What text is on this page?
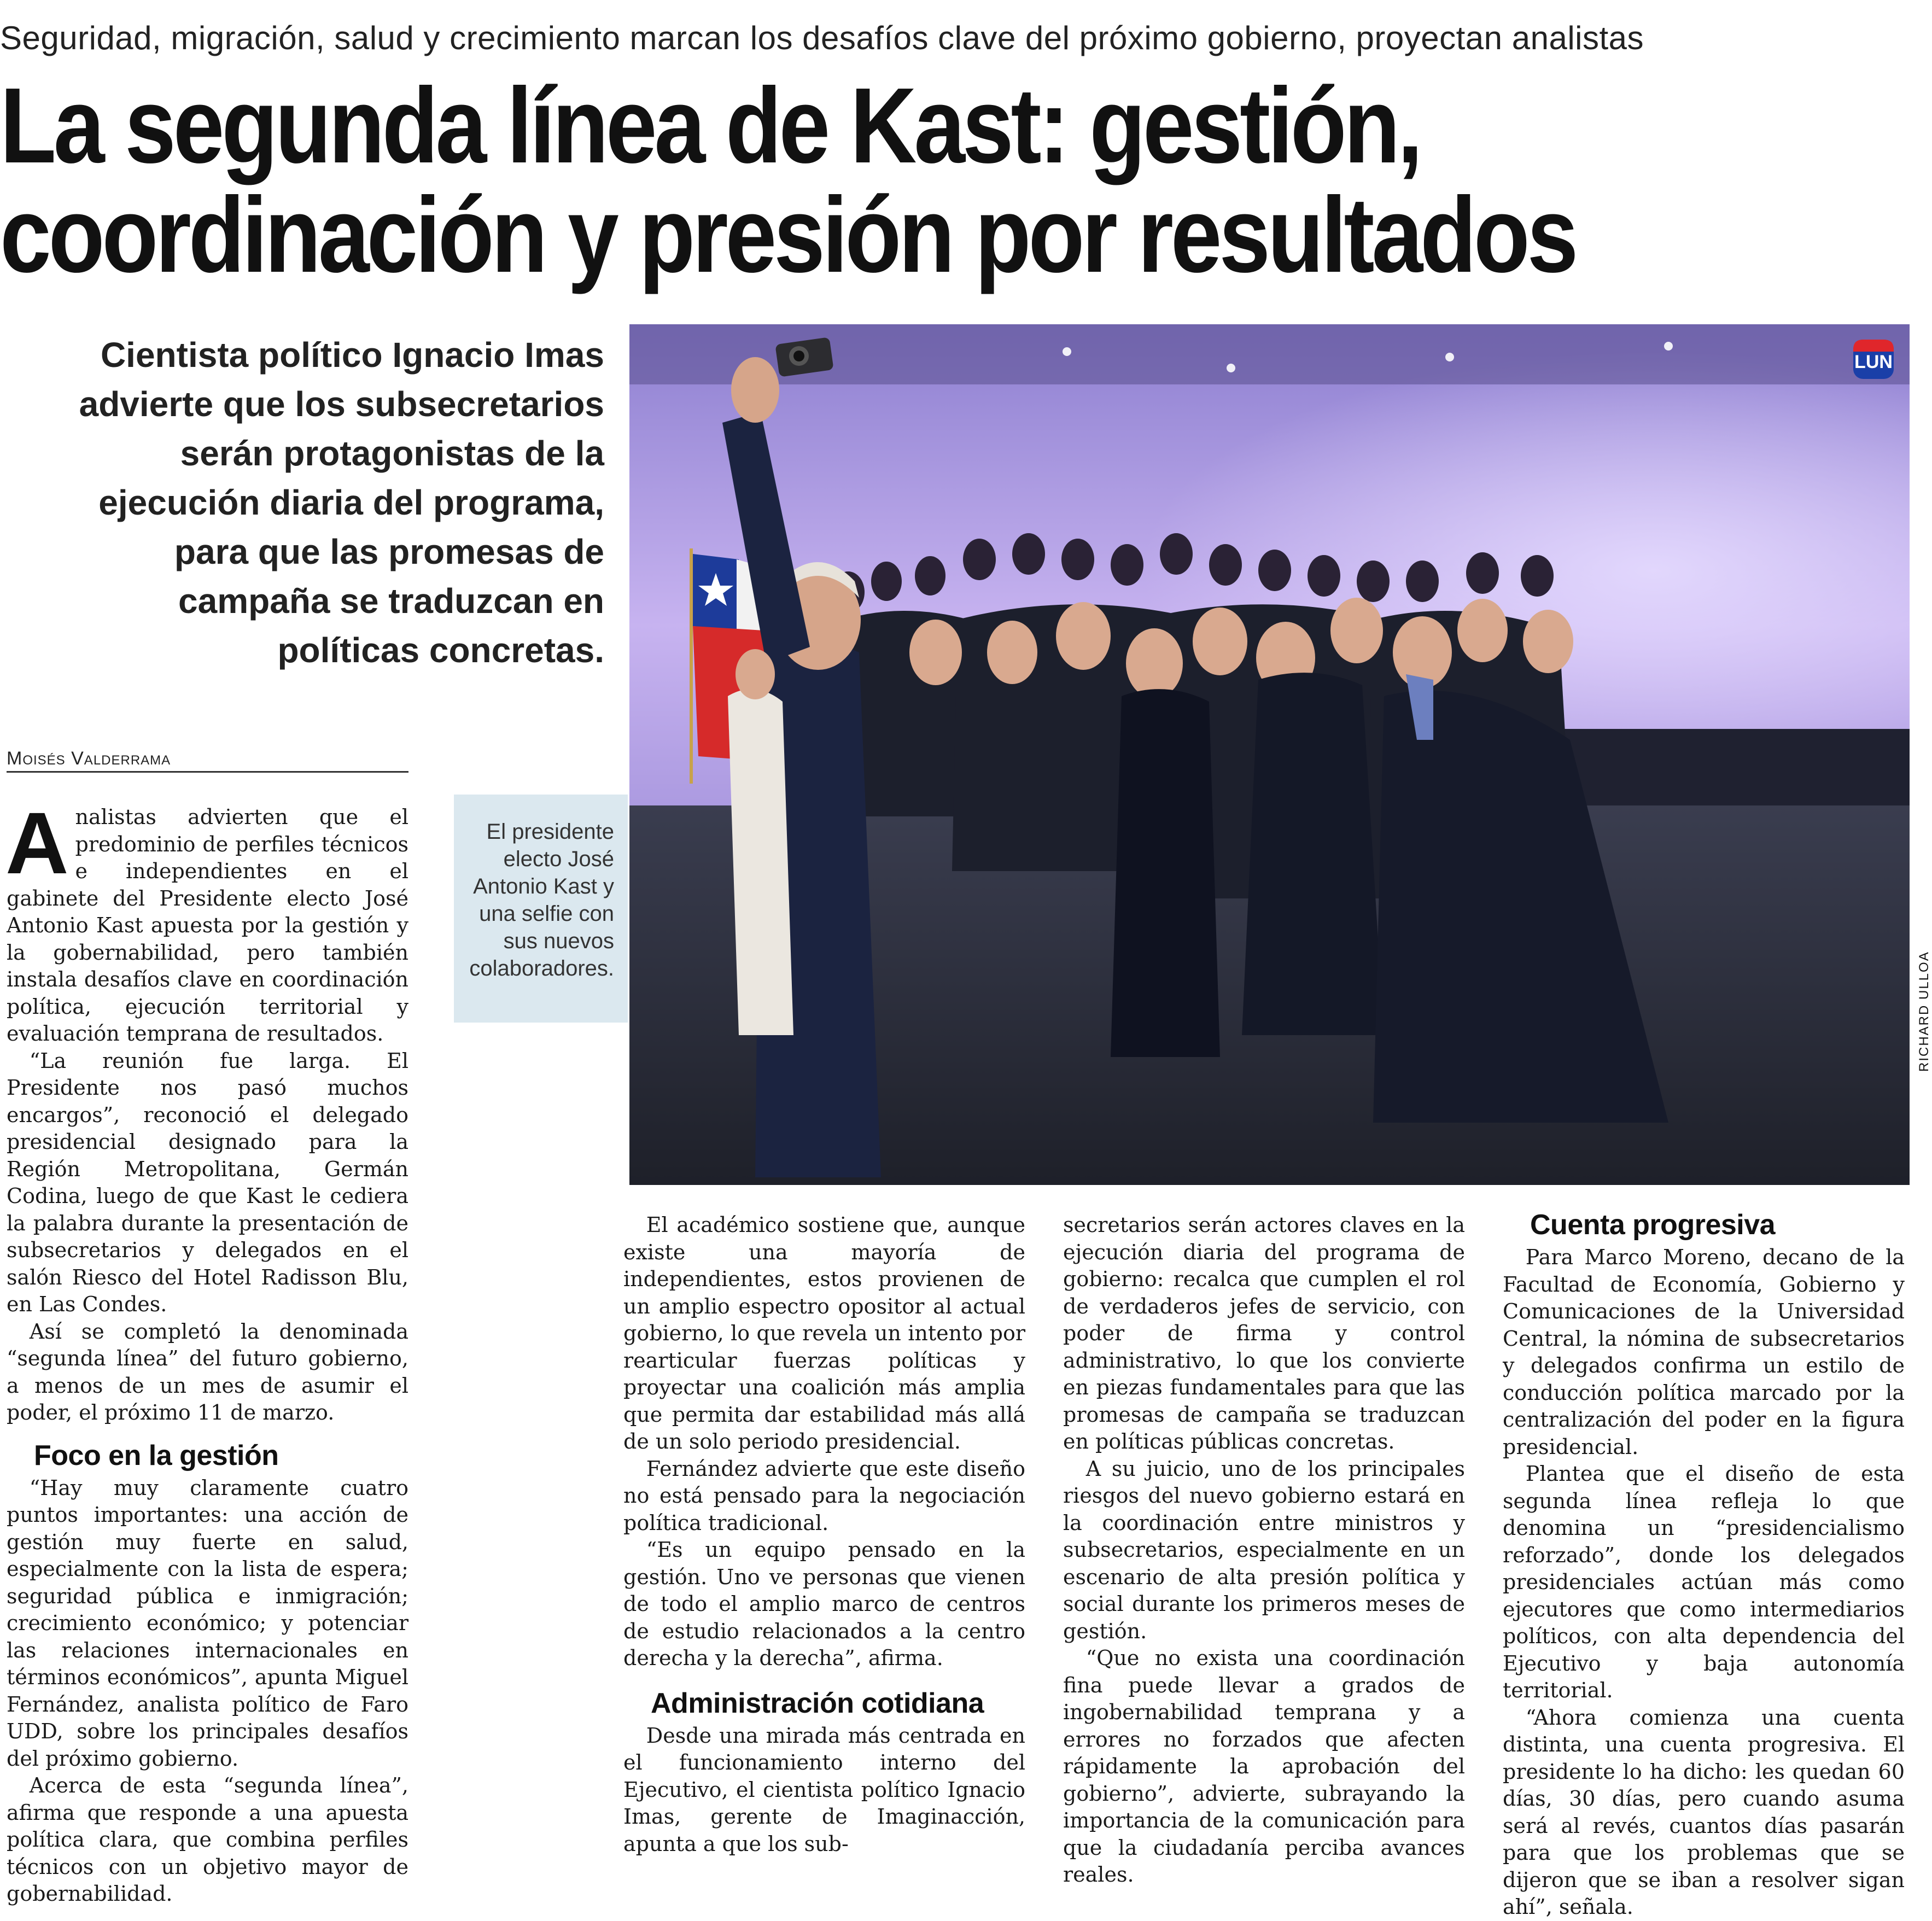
Seguridad, migración, salud y crecimiento marcan los desafíos clave del próximo gobierno, proyectan analistas
La segunda línea de Kast: gestión,
coordinación y presión por resultados
Cientista político Ignacio Imas advierte que los subsecretarios serán protagonistas de la ejecución diaria del programa, para que las promesas de campaña se traduzcan en políticas concretas.
Moisés Valderrama
LUN
RICHARD ULLOA
El presidente electo José Antonio Kast y una selfie con sus nuevos colaboradores.

Analistas advierten que el predominio de perfiles técnicos e independientes en el gabinete del Presidente electo José Antonio Kast apuesta por la gestión y la gobernabilidad, pero también instala desafíos clave en coordinación política, ejecución territorial y evaluación temprana de resultados.

“La reunión fue larga. El Presidente nos pasó muchos encargos”, reconoció el delegado presidencial designado para la Región Metropolitana, Germán Codina, luego de que Kast le cediera la palabra durante la presentación de subsecretarios y delegados en el salón Riesco del Hotel Radisson Blu, en Las Condes.

Así se completó la denominada “segunda línea” del futuro gobierno, a menos de un mes de asumir el poder, el próximo 11 de marzo.

Foco en la gestión

“Hay muy claramente cuatro puntos importantes: una acción de gestión muy fuerte en salud, especialmente con la lista de espera; seguridad pública e inmigración; crecimiento económico; y potenciar las relaciones internacionales en términos económicos”, apunta Miguel Fernández, analista político de Faro UDD, sobre los principales desafíos del próximo gobierno.

Acerca de esta “segunda línea”, afirma que responde a una apuesta política clara, que combina perfiles técnicos con un objetivo mayor de gobernabilidad.

El académico sostiene que, aunque existe una mayoría de independientes, estos provienen de un amplio espectro opositor al actual gobierno, lo que revela un intento por rearticular fuerzas políticas y proyectar una coalición más amplia que permita dar estabilidad más allá de un solo periodo presidencial.

Fernández advierte que este diseño no está pensado para la negociación política tradicional.

“Es un equipo pensado en la gestión. Uno ve personas que vienen de todo el amplio marco de centros de estudio relacionados a la centro derecha y la derecha”, afirma.

Administración cotidiana

Desde una mirada más centrada en el funcionamiento interno del Ejecutivo, el cientista político Ignacio Imas, gerente de Imaginacción, apunta a que los sub-

secretarios serán actores claves en la ejecución diaria del programa de gobierno: recalca que cumplen el rol de verdaderos jefes de servicio, con poder de firma y control administrativo, lo que los convierte en piezas fundamentales para que las promesas de campaña se traduzcan en políticas públicas concretas.

A su juicio, uno de los principales riesgos del nuevo gobierno estará en la coordinación entre ministros y subsecretarios, especialmente en un escenario de alta presión política y social durante los primeros meses de gestión.

“Que no exista una coordinación fina puede llevar a grados de ingobernabilidad temprana y a errores no forzados que afecten rápidamente la aprobación del gobierno”, advierte, subrayando la importancia de la comunicación para que la ciudadanía perciba avances reales.

Cuenta progresiva

Para Marco Moreno, decano de la Facultad de Economía, Gobierno y Comunicaciones de la Universidad Central, la nómina de subsecretarios y delegados confirma un estilo de conducción política marcado por la centralización del poder en la figura presidencial.

Plantea que el diseño de esta segunda línea refleja lo que denomina un “presidencialismo reforzado”, donde los delegados presidenciales actúan más como ejecutores que como intermediarios políticos, con alta dependencia del Ejecutivo y baja autonomía territorial.

“Ahora comienza una cuenta distinta, una cuenta progresiva. El presidente lo ha dicho: les quedan 60 días, 30 días, pero cuando asuma será al revés, cuantos días pasarán para que los problemas que se dijeron que se iban a resolver sigan ahí”, señala.
